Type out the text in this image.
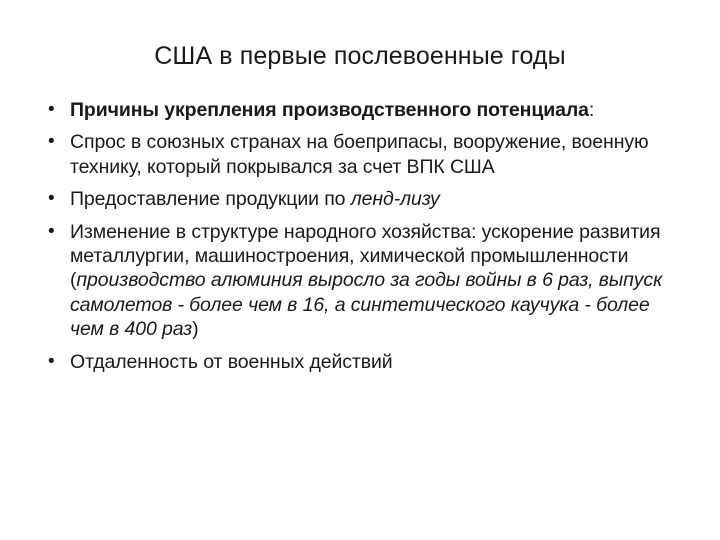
США в первые послевоенные годы
• Причины укрепления производственного потенциала:
• Спрос в союзных странах на боеприпасы, вооружение, военную технику, который покрывался за счет ВПК США
• Предоставление продукции по ленд-лизу
• Изменение в структуре народного хозяйства: ускорение развития металлургии, машиностроения, химической промышленности (производство алюминия выросло за годы войны в 6 раз, выпуск самолетов - более чем в 16, а синтетического каучука - более чем в 400 раз)
• Отдаленность от военных действий
